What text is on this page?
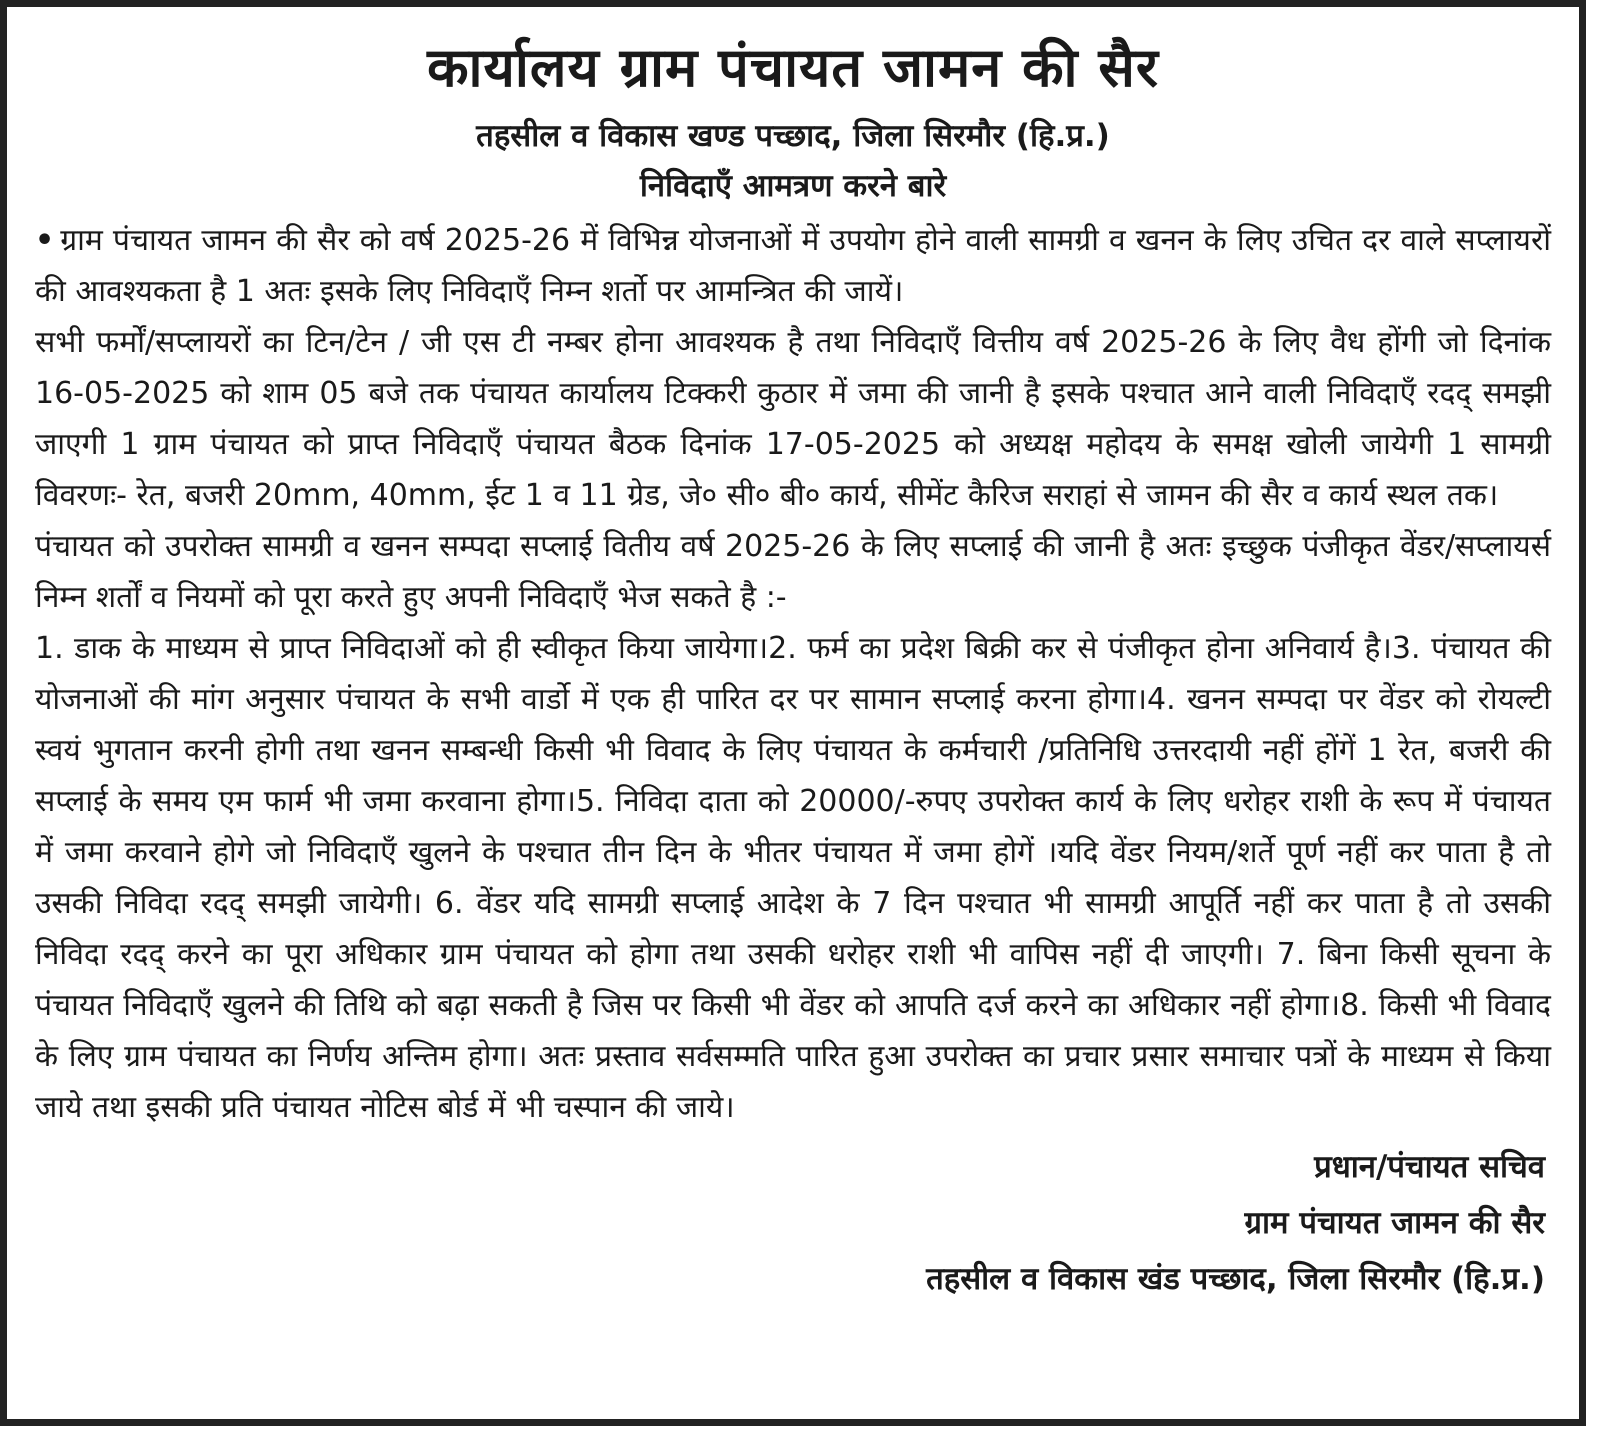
कार्यालय ग्राम पंचायत जामन की सैर
तहसील व विकास खण्ड पच्छाद, जिला सिरमौर (हि.प्र.)
निविदाएँ आमत्रण करने बारे

• ग्राम पंचायत जामन की सैर को वर्ष 2025-26 में विभिन्न योजनाओं में उपयोग होने वाली सामग्री व खनन के लिए उचित दर वाले सप्लायरों की आवश्यकता है 1 अतः इसके लिए निविदाएँ निम्न शर्तो पर आमन्त्रित की जायें।

सभी फर्मों/सप्लायरों का टिन/टेन / जी एस टी नम्बर होना आवश्यक है तथा निविदाएँ वित्तीय वर्ष 2025-26 के लिए वैध होंगी जो दिनांक 16-05-2025 को शाम 05 बजे तक पंचायत कार्यालय टिक्करी कुठार में जमा की जानी है इसके पश्चात आने वाली निविदाएँ रदद् समझी जाएगी 1 ग्राम पंचायत को प्राप्त निविदाएँ पंचायत बैठक दिनांक 17-05-2025 को अध्यक्ष महोदय के समक्ष खोली जायेगी 1 सामग्री विवरणः- रेत, बजरी 20mm, 40mm, ईट 1 व 11 ग्रेड, जे० सी० बी० कार्य, सीमेंट कैरिज सराहां से जामन की सैर व कार्य स्थल तक।

पंचायत को उपरोक्त सामग्री व खनन सम्पदा सप्लाई वितीय वर्ष 2025-26 के लिए सप्लाई की जानी है अतः इच्छुक पंजीकृत वेंडर/सप्लायर्स निम्न शर्तों व नियमों को पूरा करते हुए अपनी निविदाएँ भेज सकते है :-

1. डाक के माध्यम से प्राप्त निविदाओं को ही स्वीकृत किया जायेगा।2. फर्म का प्रदेश बिक्री कर से पंजीकृत होना अनिवार्य है।3. पंचायत की योजनाओं की मांग अनुसार पंचायत के सभी वार्डो में एक ही पारित दर पर सामान सप्लाई करना होगा।4. खनन सम्पदा पर वेंडर को रोयल्टी स्वयं भुगतान करनी होगी तथा खनन सम्बन्धी किसी भी विवाद के लिए पंचायत के कर्मचारी /प्रतिनिधि उत्तरदायी नहीं होंगें 1 रेत, बजरी की सप्लाई के समय एम फार्म भी जमा करवाना होगा।5. निविदा दाता को 20000/-रुपए उपरोक्त कार्य के लिए धरोहर राशी के रूप में पंचायत में जमा करवाने होगे जो निविदाएँ खुलने के पश्चात तीन दिन के भीतर पंचायत में जमा होगें ।यदि वेंडर नियम/शर्ते पूर्ण नहीं कर पाता है तो उसकी निविदा रदद् समझी जायेगी। 6. वेंडर यदि सामग्री सप्लाई आदेश के 7 दिन पश्चात भी सामग्री आपूर्ति नहीं कर पाता है तो उसकी निविदा रदद् करने का पूरा अधिकार ग्राम पंचायत को होगा तथा उसकी धरोहर राशी भी वापिस नहीं दी जाएगी। 7. बिना किसी सूचना के पंचायत निविदाएँ खुलने की तिथि को बढ़ा सकती है जिस पर किसी भी वेंडर को आपति दर्ज करने का अधिकार नहीं होगा।8. किसी भी विवाद के लिए ग्राम पंचायत का निर्णय अन्तिम होगा। अतः प्रस्ताव सर्वसम्मति पारित हुआ उपरोक्त का प्रचार प्रसार समाचार पत्रों के माध्यम से किया जाये तथा इसकी प्रति पंचायत नोटिस बोर्ड में भी चस्पान की जाये।

प्रधान/पंचायत सचिव

ग्राम पंचायत जामन की सैर

तहसील व विकास खंड पच्छाद, जिला सिरमौर (हि.प्र.)
